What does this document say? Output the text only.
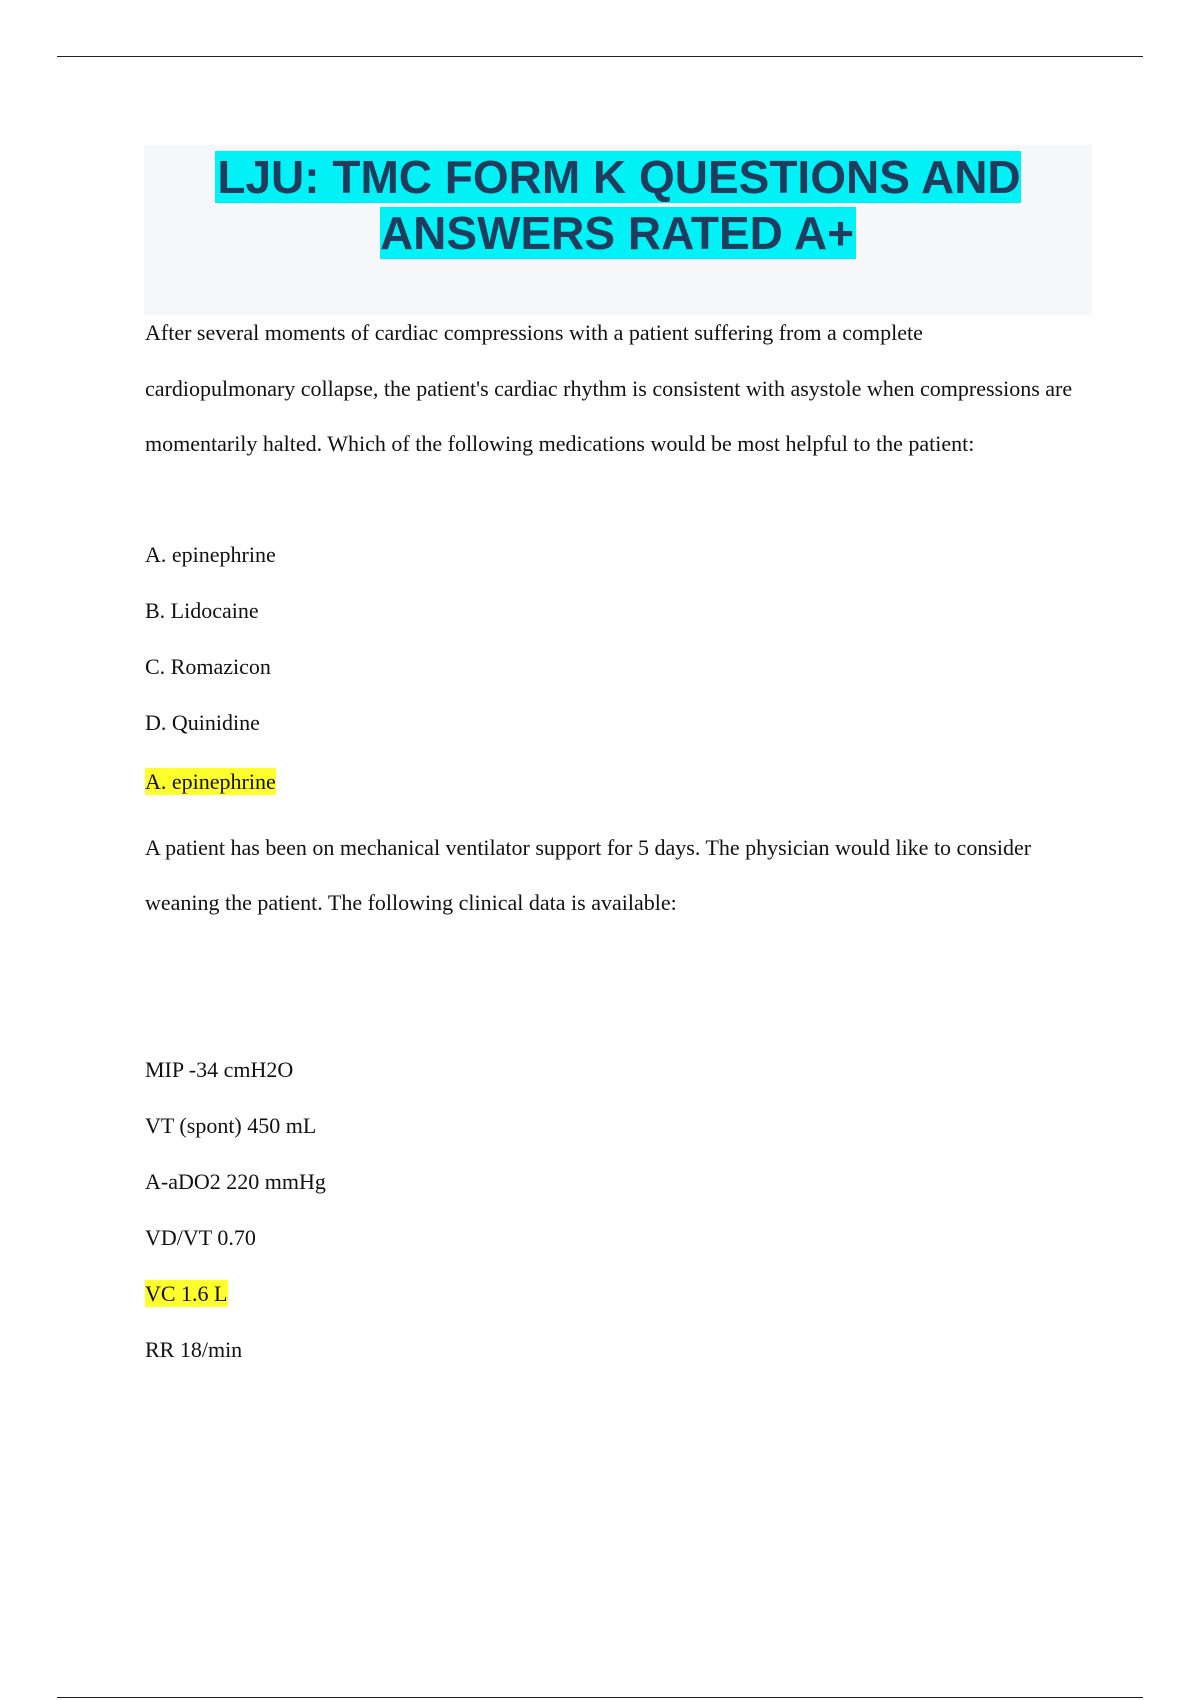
LJU: TMC FORM K QUESTIONS AND ANSWERS RATED A+

After several moments of cardiac compressions with a patient suffering from a complete cardiopulmonary collapse, the patient's cardiac rhythm is consistent with asystole when compressions are momentarily halted. Which of the following medications would be most helpful to the patient:

A. epinephrine

B. Lidocaine

C. Romazicon

D. Quinidine

A. epinephrine

A patient has been on mechanical ventilator support for 5 days. The physician would like to consider weaning the patient. The following clinical data is available:

MIP -34 cmH2O

VT (spont) 450 mL

A-aDO2 220 mmHg

VD/VT 0.70

VC 1.6 L

RR 18/min
